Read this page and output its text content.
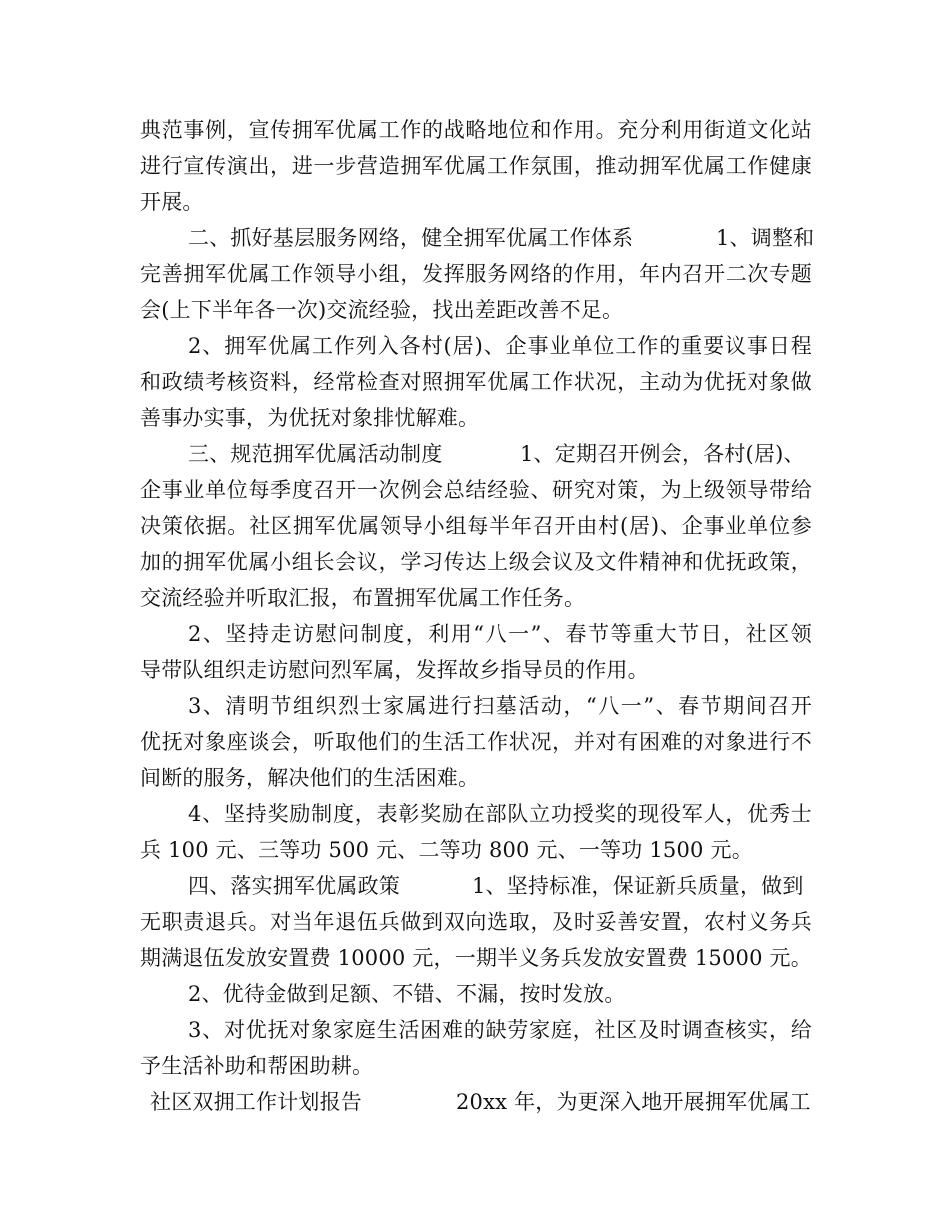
典范事例，宣传拥军优属工作的战略地位和作用。充分利用街道文化站
进行宣传演出，进一步营造拥军优属工作氛围，推动拥军优属工作健康
开展。

二、抓好基层服务网络，健全拥军优属工作体系

	1、调整和

完善拥军优属工作领导小组，发挥服务网络的作用，年内召开二次专题
会(上下半年各一次)交流经验，找出差距改善不足。
2、拥军优属工作列入各村(居)、企事业单位工作的重要议事日程
和政绩考核资料，经常检查对照拥军优属工作状况，主动为优抚对象做
善事办实事，为优抚对象排忧解难。

三、规范拥军优属活动制度

	1、定期召开例会，各村(居)、

企事业单位每季度召开一次例会总结经验、研究对策，为上级领导带给
决策依据。社区拥军优属领导小组每半年召开由村(居)、企事业单位参
加的拥军优属小组长会议，学习传达上级会议及文件精神和优抚政策，
交流经验并听取汇报，布置拥军优属工作任务。
2、坚持走访慰问制度，利用“八一”、春节等重大节日，社区领
导带队组织走访慰问烈军属，发挥故乡指导员的作用。
3、清明节组织烈士家属进行扫墓活动，“八一”、春节期间召开
优抚对象座谈会，听取他们的生活工作状况，并对有困难的对象进行不
间断的服务，解决他们的生活困难。
4、坚持奖励制度，表彰奖励在部队立功授奖的现役军人，优秀士
兵 100 元、三等功 500 元、二等功 800 元、一等功 1500 元。

四、落实拥军优属政策

	1、坚持标准，保证新兵质量，做到

无职责退兵。对当年退伍兵做到双向选取，及时妥善安置，农村义务兵
期满退伍发放安置费 10000 元，一期半义务兵发放安置费 15000 元。
2、优待金做到足额、不错、不漏，按时发放。
3、对优抚对象家庭生活困难的缺劳家庭，社区及时调查核实，给
予生活补助和帮困助耕。

社区双拥工作计划报告

	20xx 年，为更深入地开展拥军优属工
